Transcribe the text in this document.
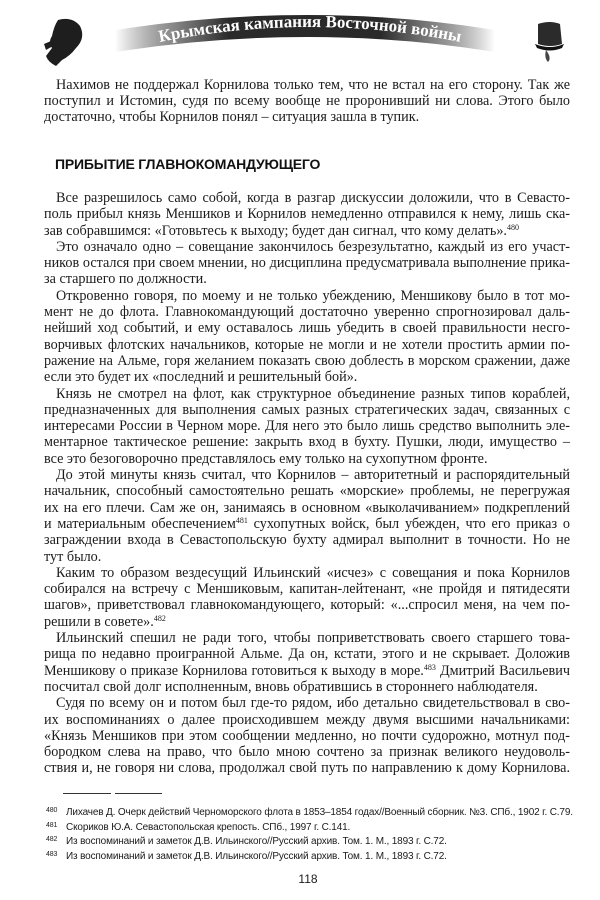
Крымская кампания Восточной войны
Нахимов не поддержал Корнилова только тем, что не встал на его сторону. Так же
поступил и Истомин, судя по всему вообще не проронивший ни слова. Этого было
достаточно, чтобы Корнилов понял – ситуация зашла в тупик.
ПРИБЫТИЕ ГЛАВНОКОМАНДУЮЩЕГО
Все разрешилось само собой, когда в разгар дискуссии доложили, что в Севасто-
поль прибыл князь Меншиков и Корнилов немедленно отправился к нему, лишь ска-
зав собравшимся: «Готовьтесь к выходу; будет дан сигнал, что кому делать».$^{480}$
Это означало одно – совещание закончилось безрезультатно, каждый из его участ-
ников остался при своем мнении, но дисциплина предусматривала выполнение прика-
за старшего по должности.
Откровенно говоря, по моему и не только убеждению, Меншикову было в тот мо-
мент не до флота. Главнокомандующий достаточно уверенно спрогнозировал даль-
нейший ход событий, и ему оставалось лишь убедить в своей правильности несго-
ворчивых флотских начальников, которые не могли и не хотели простить армии по-
ражение на Альме, горя желанием показать свою доблесть в морском сражении, даже
если это будет их «последний и решительный бой».
Князь не смотрел на флот, как структурное объединение разных типов кораблей,
предназначенных для выполнения самых разных стратегических задач, связанных с
интересами России в Черном море. Для него это было лишь средство выполнить эле-
ментарное тактическое решение: закрыть вход в бухту. Пушки, люди, имущество –
все это безоговорочно представлялось ему только на сухопутном фронте.
До этой минуты князь считал, что Корнилов – авторитетный и распорядительный
начальник, способный самостоятельно решать «морские» проблемы, не перегружая
их на его плечи. Сам же он, занимаясь в основном «выколачиванием» подкреплений
и материальным обеспечением$^{481}$ сухопутных войск, был убежден, что его приказ о
заграждении входа в Севастопольскую бухту адмирал выполнит в точности. Но не
тут было.
Каким то образом вездесущий Ильинский «исчез» с совещания и пока Корнилов
собирался на встречу с Меншиковым, капитан-лейтенант, «не пройдя и пятидесяти
шагов», приветствовал главнокомандующего, который: «...спросил меня, на чем по-
решили в совете».$^{482}$
Ильинский спешил не ради того, чтобы поприветствовать своего старшего това-
рища по недавно проигранной Альме. Да он, кстати, этого и не скрывает. Доложив
Меншикову о приказе Корнилова готовиться к выходу в море.$^{483}$ Дмитрий Васильевич
посчитал свой долг исполненным, вновь обратившись в стороннего наблюдателя.
Судя по всему он и потом был где-то рядом, ибо детально свидетельствовал в сво-
их воспоминаниях о далее происходившем между двумя высшими начальниками:
«Князь Меншиков при этом сообщении медленно, но почти судорожно, мотнул под-
бородком слева на право, что было мною сочтено за признак великого неудоволь-
ствия и, не говоря ни слова, продолжал свой путь по направлению к дому Корнилова.
480 Лихачев Д. Очерк действий Черноморского флота в 1853–1854 годах//Военный сборник. №3. СПб., 1902 г. С.79.
481 Скориков Ю.А. Севастопольская крепость. СПб., 1997 г. С.141.
482 Из воспоминаний и заметок Д.В. Ильинского//Русский архив. Том. 1. М., 1893 г. С.72.
483 Из воспоминаний и заметок Д.В. Ильинского//Русский архив. Том. 1. М., 1893 г. С.72.
118
